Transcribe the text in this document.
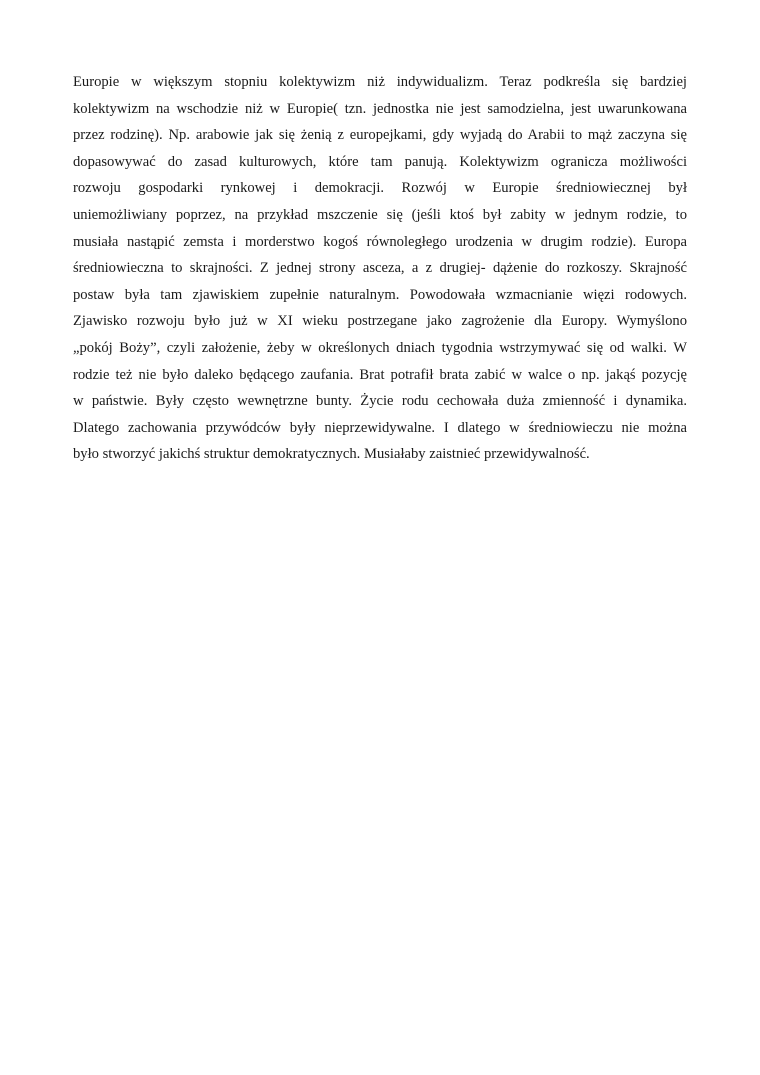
Europie w większym stopniu kolektywizm niż indywidualizm. Teraz podkreśla się bardziej
kolektywizm na wschodzie niż w Europie( tzn. jednostka nie jest samodzielna, jest uwarunkowana
przez rodzinę). Np. arabowie jak się żenią z europejkami, gdy wyjadą do Arabii to mąż zaczyna się
dopasowywać do zasad kulturowych, które tam panują. Kolektywizm ogranicza możliwości
rozwoju gospodarki rynkowej i demokracji. Rozwój w Europie średniowiecznej był
uniemożliwiany poprzez, na przykład mszczenie się (jeśli ktoś był zabity w jednym rodzie, to
musiała nastąpić zemsta i morderstwo kogoś równoległego urodzenia w drugim rodzie). Europa
średniowieczna to skrajności. Z jednej strony asceza, a z drugiej- dążenie do rozkoszy. Skrajność
postaw była tam zjawiskiem zupełnie naturalnym. Powodowała wzmacnianie więzi rodowych.
Zjawisko rozwoju było już w XI wieku postrzegane jako zagrożenie dla Europy. Wymyślono
„pokój Boży”, czyli założenie, żeby w określonych dniach tygodnia wstrzymywać się od walki. W
rodzie też nie było daleko będącego zaufania. Brat potrafił brata zabić w walce o np. jakąś pozycję
w państwie. Były często wewnętrzne bunty. Życie rodu cechowała duża zmienność i dynamika.
Dlatego zachowania przywódców były nieprzewidywalne. I dlatego w średniowieczu nie można
było stworzyć jakichś struktur demokratycznych. Musiałaby zaistnieć przewidywalność.
